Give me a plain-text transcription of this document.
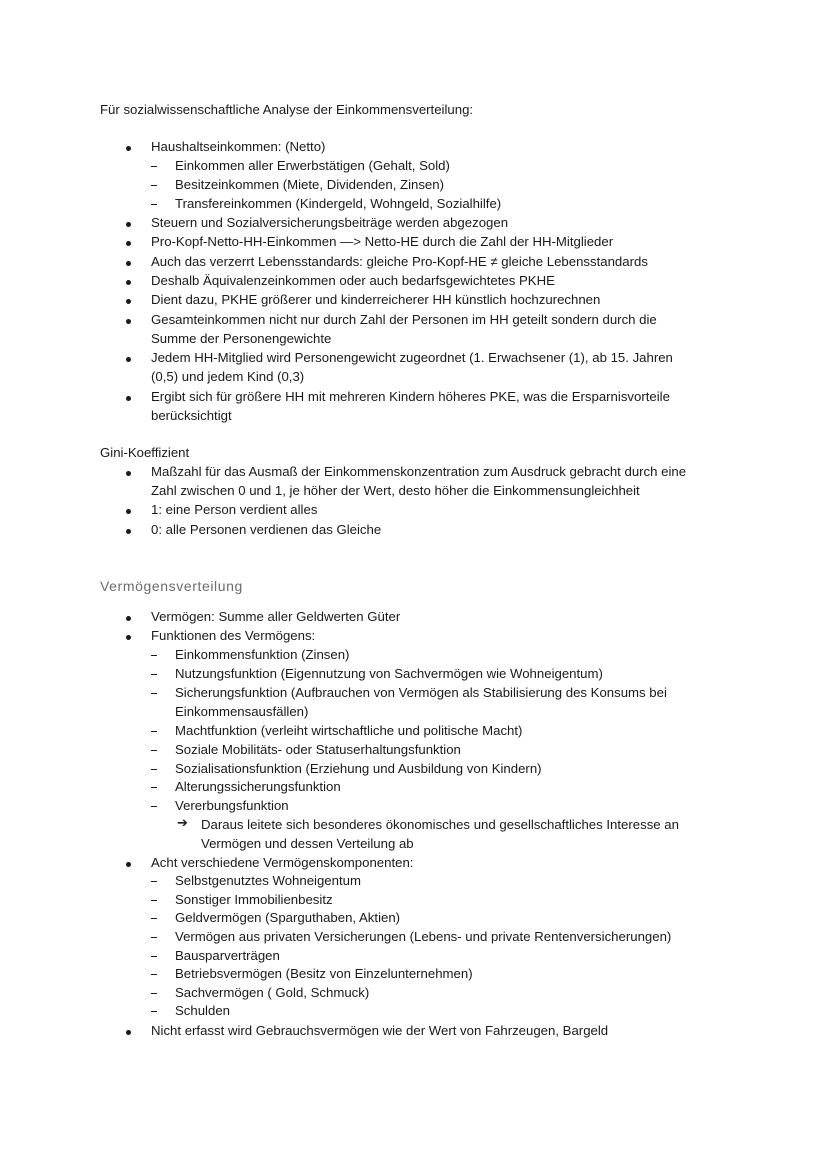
Für sozialwissenschaftliche Analyse der Einkommensverteilung:
Haushaltseinkommen: (Netto)
Einkommen aller Erwerbstätigen (Gehalt, Sold)
Besitzeinkommen (Miete, Dividenden, Zinsen)
Transfereinkommen (Kindergeld, Wohngeld, Sozialhilfe)
Steuern und Sozialversicherungsbeiträge werden abgezogen
Pro-Kopf-Netto-HH-Einkommen —> Netto-HE durch die Zahl der HH-Mitglieder
Auch das verzerrt Lebensstandards: gleiche Pro-Kopf-HE ≠ gleiche Lebensstandards
Deshalb Äquivalenzeinkommen oder auch bedarfsgewichtetes PKHE
Dient dazu, PKHE größerer und kinderreicherer HH künstlich hochzurechnen
Gesamteinkommen nicht nur durch Zahl der Personen im HH geteilt sondern durch die
Summe der Personengewichte
Jedem HH-Mitglied wird Personengewicht zugeordnet (1. Erwachsener (1), ab 15. Jahren
(0,5) und jedem Kind (0,3)
Ergibt sich für größere HH mit mehreren Kindern höheres PKE, was die Ersparnisvorteile
berücksichtigt
Gini-Koeffizient
Maßzahl für das Ausmaß der Einkommenskonzentration zum Ausdruck gebracht durch eine
Zahl zwischen 0 und 1, je höher der Wert, desto höher die Einkommensungleichheit
1: eine Person verdient alles
0: alle Personen verdienen das Gleiche
Vermögensverteilung
Vermögen: Summe aller Geldwerten Güter
Funktionen des Vermögens:
Einkommensfunktion (Zinsen)
Nutzungsfunktion (Eigennutzung von Sachvermögen wie Wohneigentum)
Sicherungsfunktion (Aufbrauchen von Vermögen als Stabilisierung des Konsums bei
Einkommensausfällen)
Machtfunktion (verleiht wirtschaftliche und politische Macht)
Soziale Mobilitäts- oder Statuserhaltungsfunktion
Sozialisationsfunktion (Erziehung und Ausbildung von Kindern)
Alterungssicherungsfunktion
Vererbungsfunktion
➔ Daraus leitete sich besonderes ökonomisches und gesellschaftliches Interesse an
Vermögen und dessen Verteilung ab
Acht verschiedene Vermögenskomponenten:
Selbstgenutztes Wohneigentum
Sonstiger Immobilienbesitz
Geldvermögen (Sparguthaben, Aktien)
Vermögen aus privaten Versicherungen (Lebens- und private Rentenversicherungen)
Bausparverträgen
Betriebsvermögen (Besitz von Einzelunternehmen)
Sachvermögen ( Gold, Schmuck)
Schulden
Nicht erfasst wird Gebrauchsvermögen wie der Wert von Fahrzeugen, Bargeld
